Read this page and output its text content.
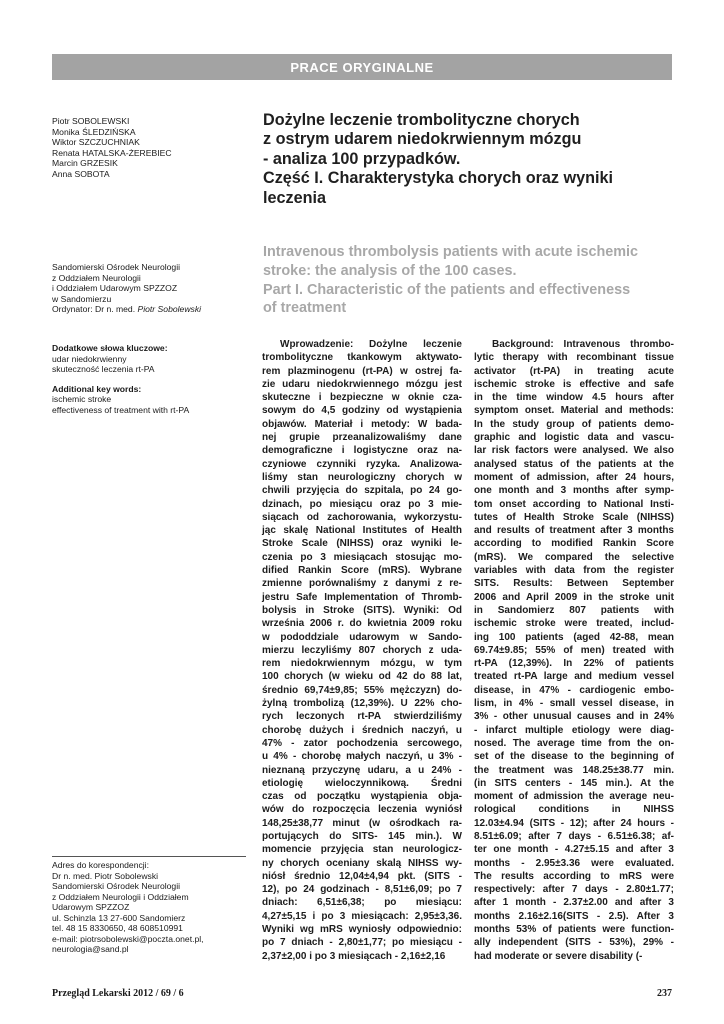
PRACE ORYGINALNE
Piotr SOBOLEWSKI
Monika ŚLEDZIŃSKA
Wiktor SZCZUCHNIAK
Renata HATALSKA-ŻEREBIEC
Marcin GRZESIK
Anna SOBOTA
Sandomierski Ośrodek Neurologii
z Oddziałem Neurologii
i Oddziałem Udarowym SPZZOZ
w Sandomierzu
Ordynator: Dr n. med. Piotr Sobolewski
Dodatkowe słowa kluczowe:
udar niedokrwienny
skuteczność leczenia rt-PA
Additional key words:
ischemic stroke
effectiveness of treatment with rt-PA
Adres do korespondencji:
Dr n. med. Piotr Sobolewski
Sandomierski Ośrodek Neurologii
z Oddziałem Neurologii i Oddziałem
Udarowym SPZZOZ
ul. Schinzla 13 27-600 Sandomierz
tel. 48 15 8330650, 48 608510991
e-mail: piotrsobolewski@poczta.onet.pl,
neurologia@sand.pl
Dożylne leczenie trombolityczne chorych
z ostrym udarem niedokrwiennym mózgu
- analiza 100 przypadków.
Część I. Charakterystyka chorych oraz wyniki
leczenia
Intravenous thrombolysis patients with acute ischemic
stroke: the analysis of the 100 cases.
Part I. Characteristic of the patients and effectiveness
of treatment
Wprowadzenie: Dożylne leczenie
trombolityczne tkankowym aktywato-
rem plazminogenu (rt-PA) w ostrej fa-
zie udaru niedokrwiennego mózgu jest
skuteczne i bezpieczne w oknie cza-
sowym do 4,5 godziny od wystąpienia
objawów. Materiał i metody: W bada-
nej grupie przeanalizowaliśmy dane
demograficzne i logistyczne oraz na-
czyniowe czynniki ryzyka. Analizowa-
liśmy stan neurologiczny chorych w
chwili przyjęcia do szpitala, po 24 go-
dzinach, po miesiącu oraz po 3 mie-
siącach od zachorowania, wykorzystu-
jąc skalę National Institutes of Health
Stroke Scale (NIHSS) oraz wyniki le-
czenia po 3 miesiącach stosując mo-
dified Rankin Score (mRS). Wybrane
zmienne porównaliśmy z danymi z re-
jestru Safe Implementation of Thromb-
bolysis in Stroke (SITS). Wyniki: Od
września 2006 r. do kwietnia 2009 roku
w pododdziale udarowym w Sando-
mierzu leczyliśmy 807 chorych z uda-
rem niedokrwiennym mózgu, w tym
100 chorych (w wieku od 42 do 88 lat,
średnio 69,74±9,85; 55% mężczyzn) do-
żylną trombolizą (12,39%). U 22% cho-
rych leczonych rt-PA stwierdziliśmy
chorobę dużych i średnich naczyń, u
47% - zator pochodzenia sercowego,
u 4% - chorobę małych naczyń, u 3% -
nieznaną przyczynę udaru, a u 24% -
etiologię wieloczynnikową. Średni
czas od początku wystąpienia obja-
wów do rozpoczęcia leczenia wyniósł
148,25±38,77 minut (w ośrodkach ra-
portujących do SITS- 145 min.). W
momencie przyjęcia stan neurologicz-
ny chorych oceniany skalą NIHSS wy-
niósł średnio 12,04±4,94 pkt. (SITS -
12), po 24 godzinach - 8,51±6,09; po 7
dniach: 6,51±6,38; po miesiącu:
4,27±5,15 i po 3 miesiącach: 2,95±3,36.
Wyniki wg mRS wyniosły odpowiednio:
po 7 dniach - 2,80±1,77; po miesiącu -
2,37±2,00 i po 3 miesiącach - 2,16±2,16
Background: Intravenous thrombo-
lytic therapy with recombinant tissue
activator (rt-PA) in treating acute
ischemic stroke is effective and safe
in the time window 4.5 hours after
symptom onset. Material and methods:
In the study group of patients demo-
graphic and logistic data and vascu-
lar risk factors were analysed. We also
analysed status of the patients at the
moment of admission, after 24 hours,
one month and 3 months after symp-
tom onset according to National Insti-
tutes of Health Stroke Scale (NIHSS)
and results of treatment after 3 months
according to modified Rankin Score
(mRS). We compared the selective
variables with data from the register
SITS. Results: Between September
2006 and April 2009 in the stroke unit
in Sandomierz 807 patients with
ischemic stroke were treated, includ-
ing 100 patients (aged 42-88, mean
69.74±9.85; 55% of men) treated with
rt-PA (12,39%). In 22% of patients
treated rt-PA large and medium vessel
disease, in 47% - cardiogenic embo-
lism, in 4% - small vessel disease, in
3% - other unusual causes and in 24%
- infarct multiple etiology were diag-
nosed. The average time from the on-
set of the disease to the beginning of
the treatment was 148.25±38.77 min.
(in SITS centers - 145 min.). At the
moment of admission the average neu-
rological conditions in NIHSS
12.03±4.94 (SITS - 12); after 24 hours -
8.51±6.09; after 7 days - 6.51±6.38; af-
ter one month - 4.27±5.15 and after 3
months - 2.95±3.36 were evaluated.
The results according to mRS were
respectively: after 7 days - 2.80±1.77;
after 1 month - 2.37±2.00 and after 3
months 2.16±2.16(SITS - 2.5). After 3
months 53% of patients were function-
ally independent (SITS - 53%), 29% -
had moderate or severe disability (-
Przegląd Lekarski 2012 / 69 / 6	237
